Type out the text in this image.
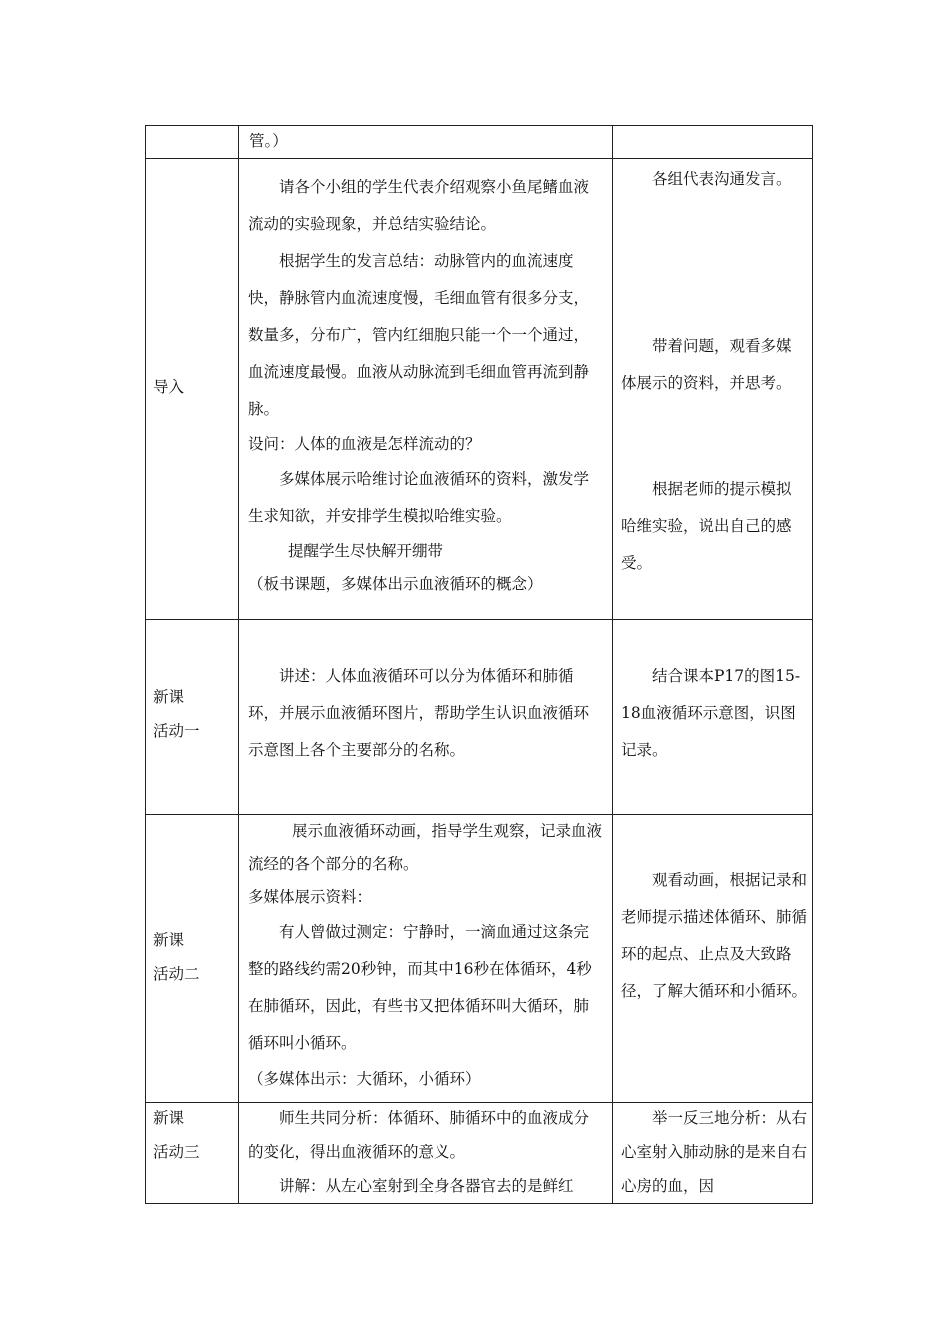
管。）

导入

请各个小组的学生代表介绍观察小鱼尾鳍血液流动的实验现象，并总结实验结论。

根据学生的发言总结：动脉管内的血流速度快，静脉管内血流速度慢，毛细血管有很多分支，数量多，分布广，管内红细胞只能一个一个通过，血流速度最慢。血液从动脉流到毛细血管再流到静脉。

设问：人体的血液是怎样流动的？

多媒体展示哈维讨论血液循环的资料，激发学生求知欲，并安排学生模拟哈维实验。

提醒学生尽快解开绷带

（板书课题，多媒体出示血液循环的概念）

各组代表沟通发言。

带着问题，观看多媒体展示的资料，并思考。

根据老师的提示模拟哈维实验，说出自己的感受。

新课
活动一

讲述：人体血液循环可以分为体循环和肺循环，并展示血液循环图片，帮助学生认识血液循环示意图上各个主要部分的名称。

结合课本P17的图15-18血液循环示意图，识图记录。

新课
活动二

展示血液循环动画，指导学生观察，记录血液流经的各个部分的名称。

多媒体展示资料：

有人曾做过测定：宁静时，一滴血通过这条完整的路线约需20秒钟，而其中16秒在体循环，4秒在肺循环，因此，有些书又把体循环叫大循环，肺循环叫小循环。

（多媒体出示：大循环，小循环）

观看动画，根据记录和老师提示描述体循环、肺循环的起点、止点及大致路径，了解大循环和小循环。

新课
活动三

师生共同分析：体循环、肺循环中的血液成分的变化，得出血液循环的意义。

讲解：从左心室射到全身各器官去的是鲜红

举一反三地分析：从右心室射入肺动脉的是来自右心房的血，因
